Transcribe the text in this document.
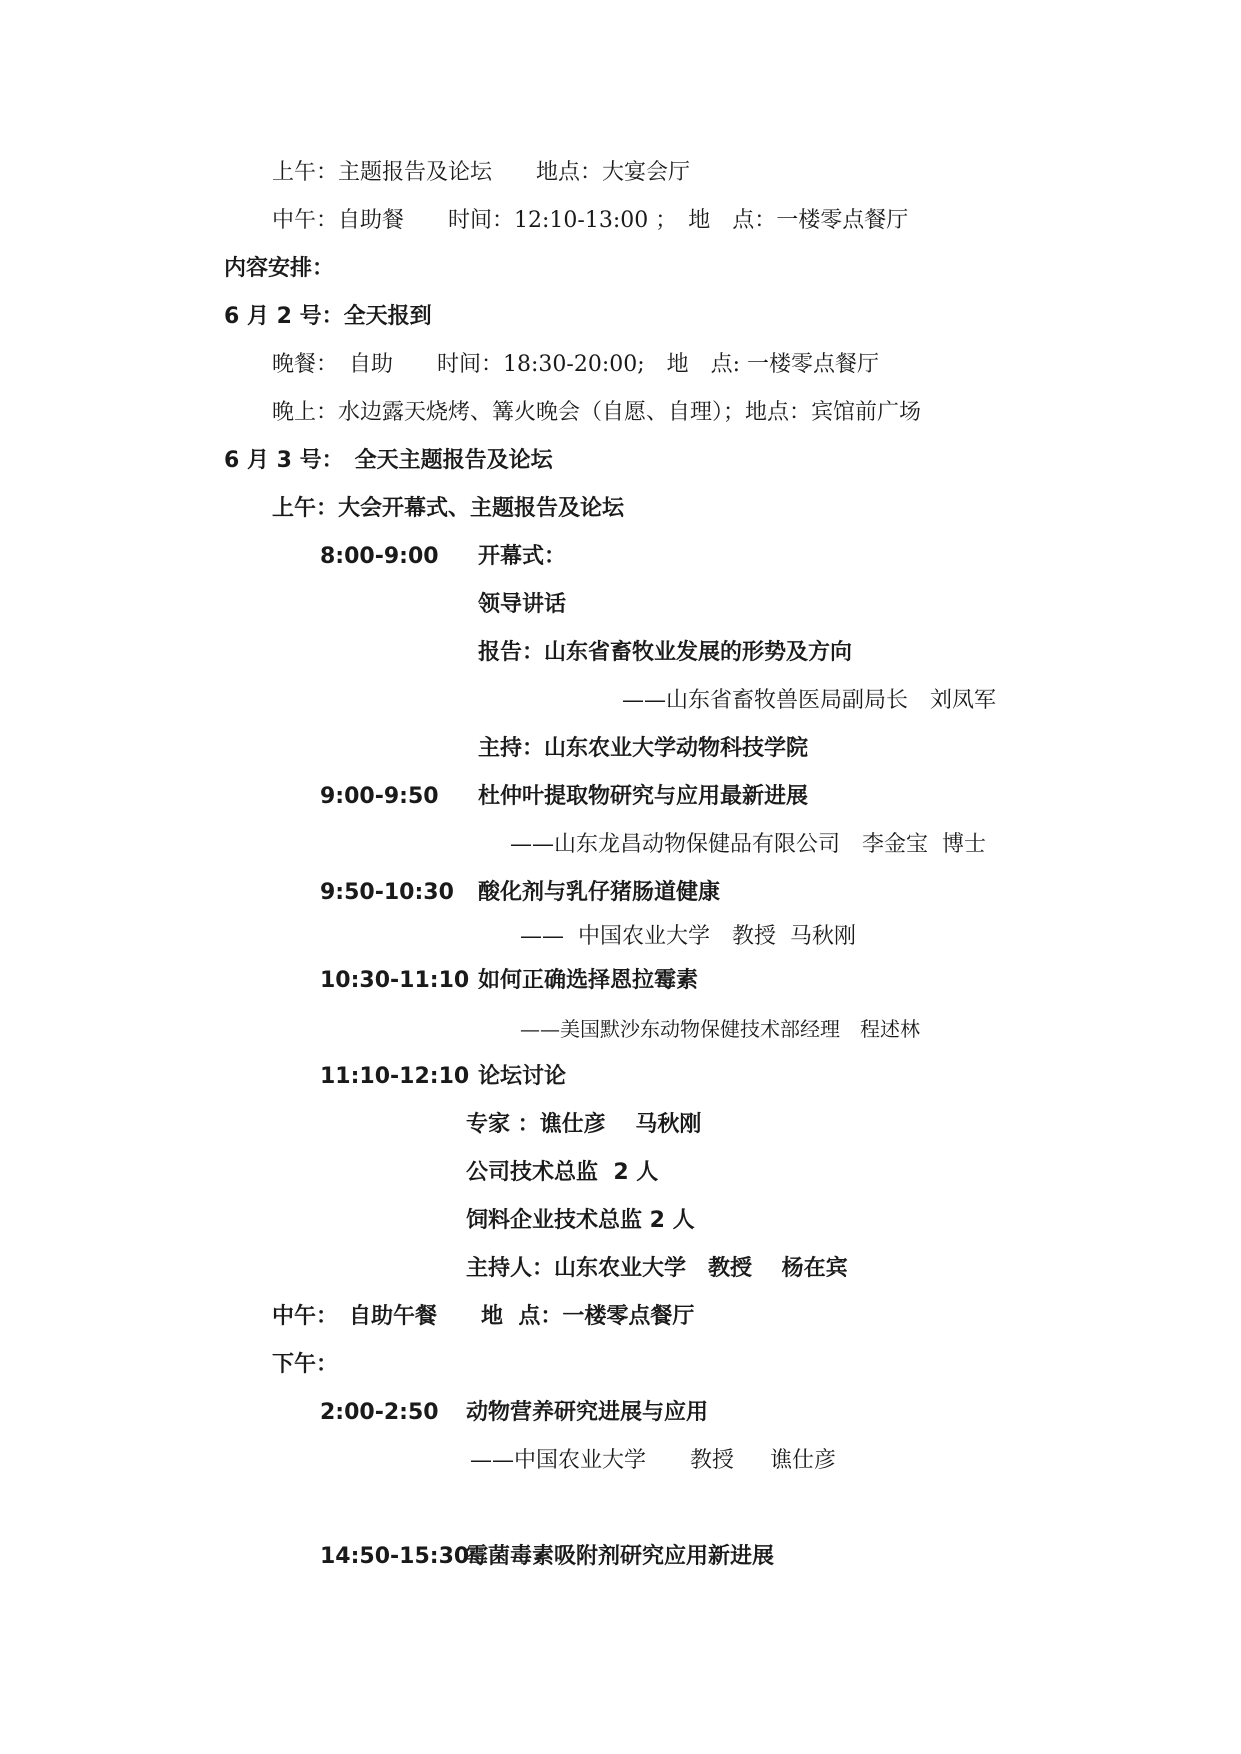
上午：主题报告及论坛　　地点：大宴会厅
中午：自助餐　　时间：12:10-13:00 ；　地　点：一楼零点餐厅
内容安排：
6 月 2 号：全天报到
晚餐：　自助　　时间：18:30-20:00;　地　点: 一楼零点餐厅
晚上：水边露天烧烤、篝火晚会（自愿、自理）；地点：宾馆前广场
6 月 3 号：　全天主题报告及论坛
上午：大会开幕式、主题报告及论坛
8:00-9:00 开幕式：
领导讲话
报告：山东省畜牧业发展的形势及方向
——山东省畜牧兽医局副局长　刘凤军
主持：山东农业大学动物科技学院
9:00-9:50 杜仲叶提取物研究与应用最新进展
——山东龙昌动物保健品有限公司　李金宝  博士
9:50-10:30 酸化剂与乳仔猪肠道健康
——  中国农业大学　教授  马秋刚
10:30-11:10 如何正确选择恩拉霉素
——美国默沙东动物保健技术部经理　程述林
11:10-12:10 论坛讨论
专家 ：谯仕彦　 马秋刚
公司技术总监  2 人
饲料企业技术总监 2 人
主持人：山东农业大学　教授　 杨在宾
中午：　自助午餐　　地  点：一楼零点餐厅
下午：
2:00-2:50 动物营养研究进展与应用
——中国农业大学　　教授　  谯仕彦
14:50-15:30
霉菌毒素吸附剂研究应用新进展
